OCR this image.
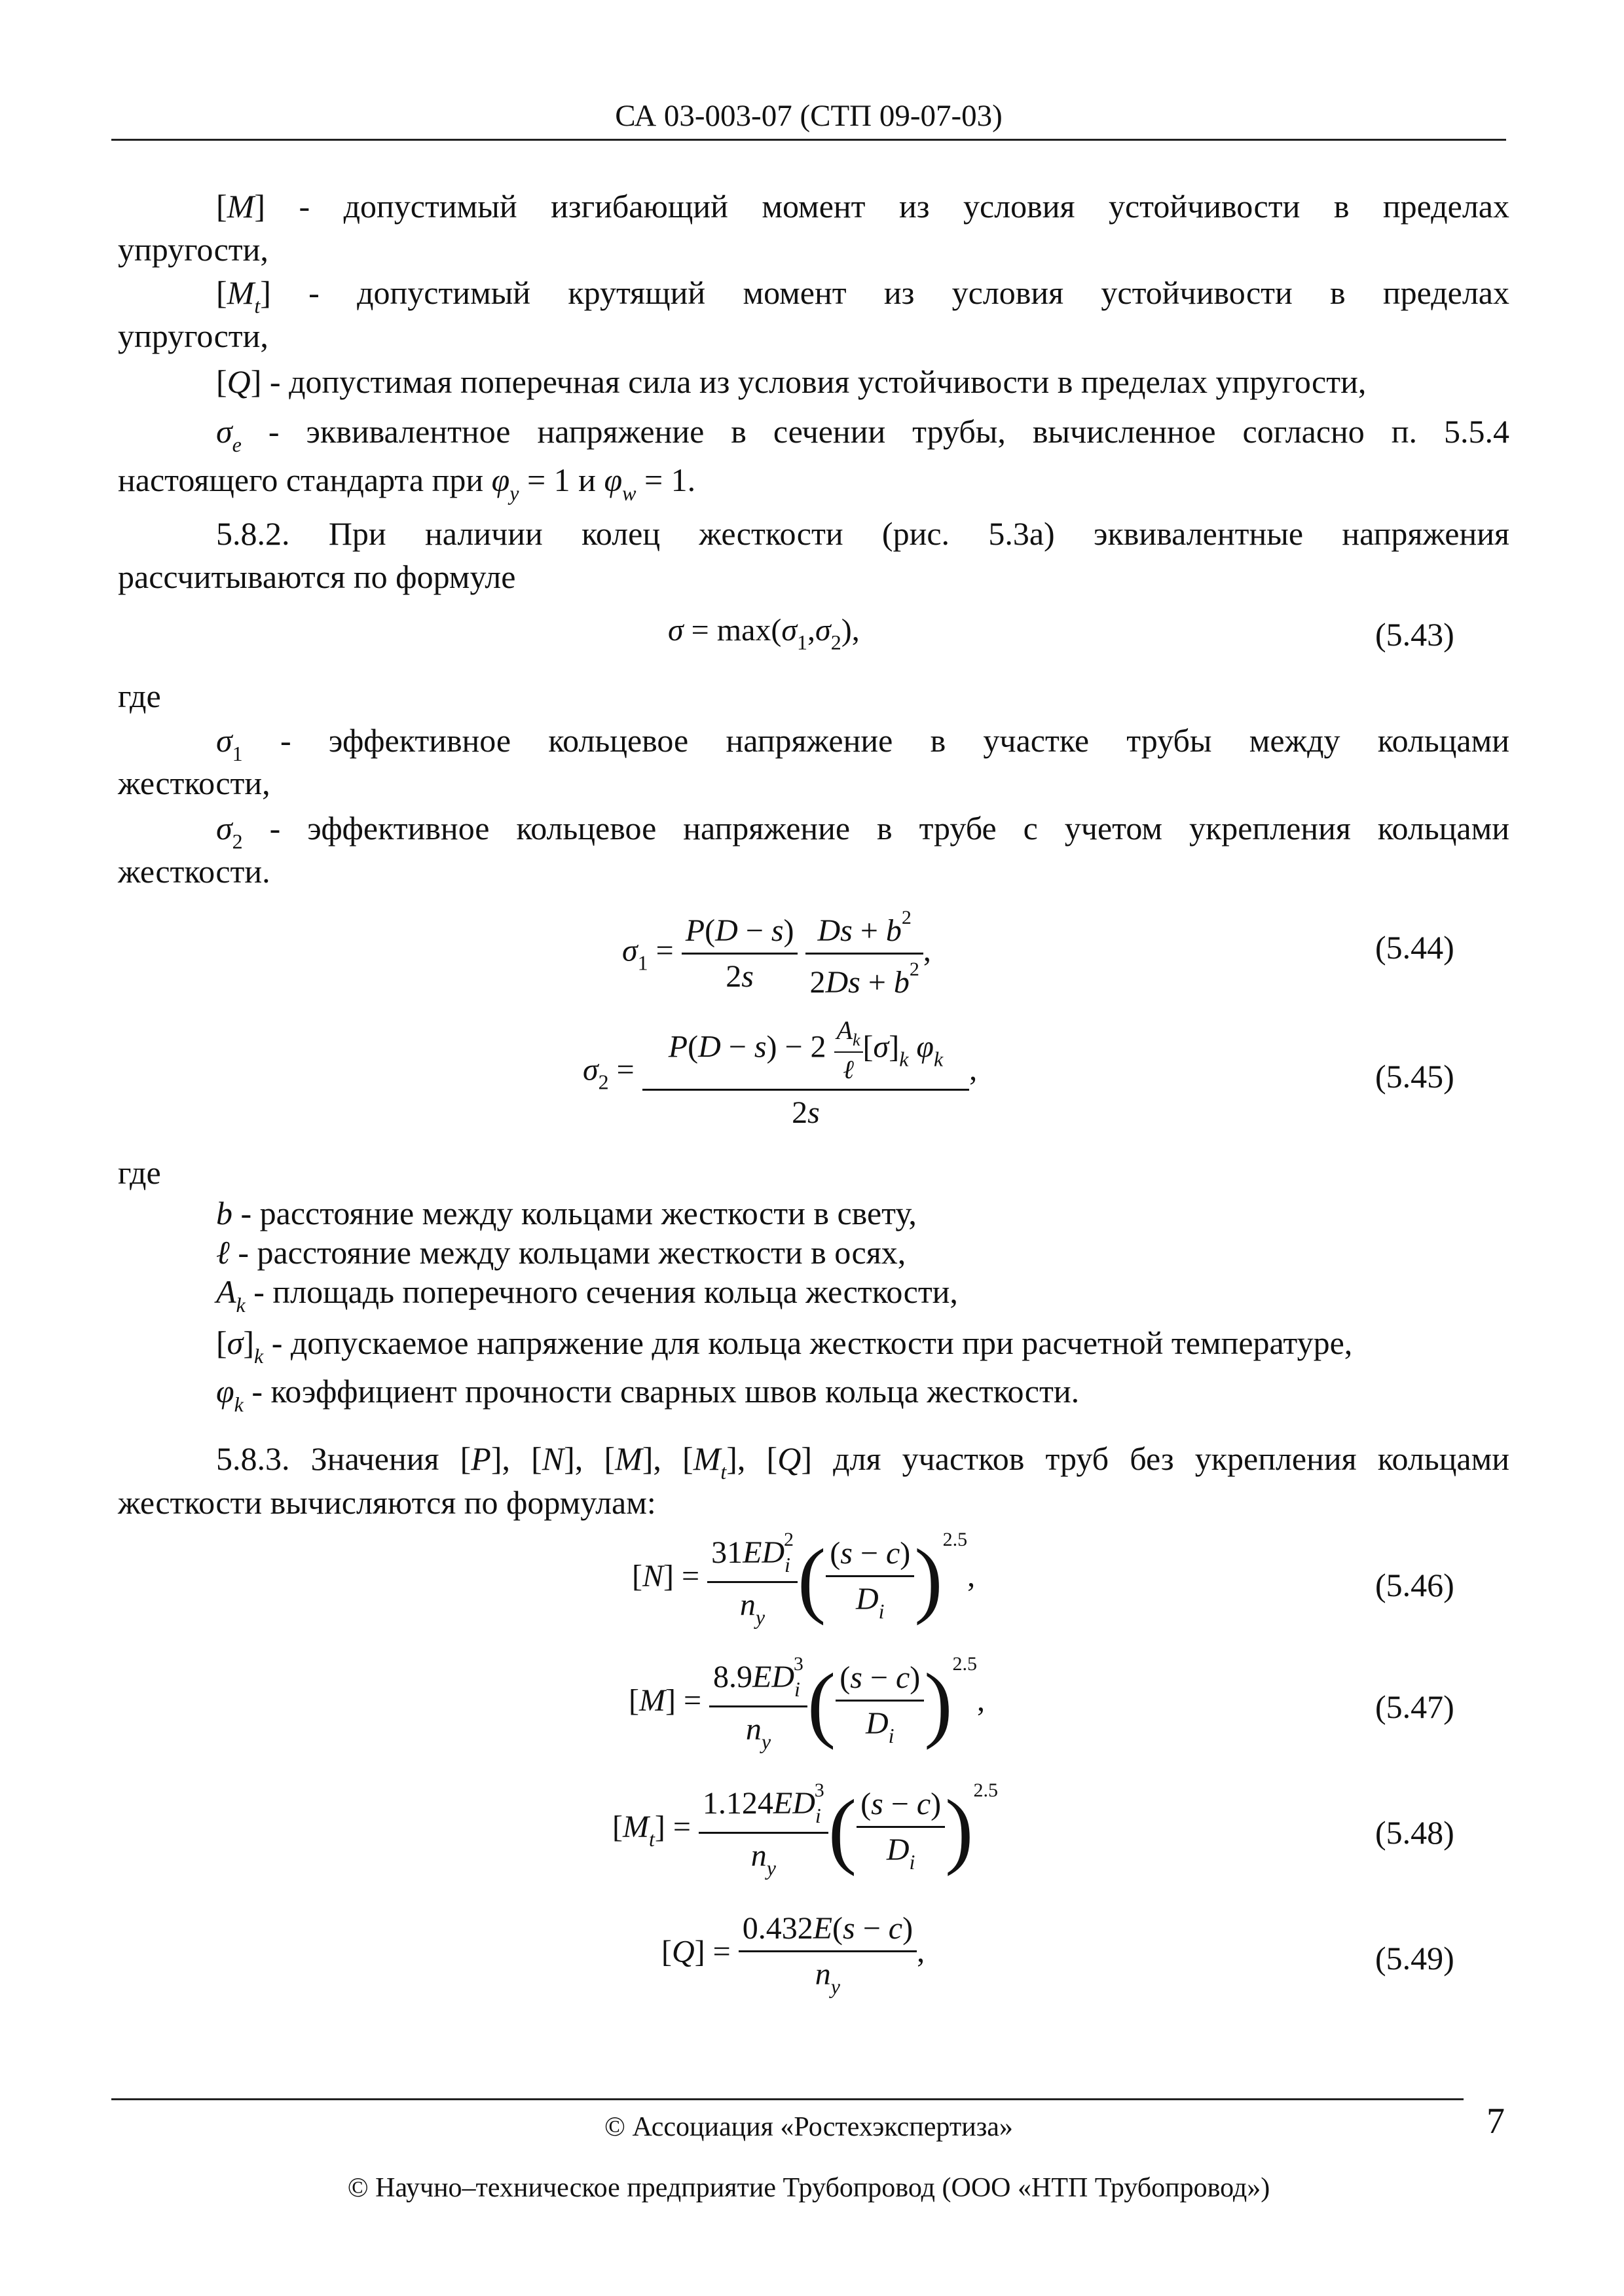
СА 03-003-07 (СТП 09-07-03)
[M] - допустимый изгибающий момент из условия устойчивости в пределах
упругости,
$[M_t]$ - допустимый крутящий момент из условия устойчивости в пределах
упругости,
[Q] - допустимая поперечная сила из условия устойчивости в пределах упругости,
$\sigma_e$ - эквивалентное напряжение в сечении трубы, вычисленное согласно п. 5.5.4
настоящего стандарта при $\varphi_y = 1$ и $\varphi_w = 1$.
5.8.2. При наличии колец жесткости (рис. 5.3а) эквивалентные напряжения
рассчитываются по формуле
$\sigma = \max(\sigma_1,\sigma_2)$,	(5.43)
где
$\sigma_1$ - эффективное кольцевое напряжение в участке трубы между кольцами
жесткости,
$\sigma_2$ - эффективное кольцевое напряжение в трубе с учетом укрепления кольцами
жесткости.
$\sigma_1 = \frac{P(D - s)}{2s}$
$\frac{Ds + b^2}{2Ds + b^2}$ ,	(5.44)
$\sigma_2 = \frac{P(D - s) - 2 \frac{A_k}{\text{ℓ}} [\sigma]_k \varphi_k}{2s}$ ,	(5.45)
где
b - расстояние между кольцами жесткости в свету,
ℓ - расстояние между кольцами жесткости в осях,
$A_k$ - площадь поперечного сечения кольца жесткости,
$[\sigma]_k$ - допускаемое напряжение для кольца жесткости при расчетной температуре,
$\varphi_k$ - коэффициент прочности сварных швов кольца жесткости.
5.8.3. Значения [P], [N], [M], $[M_t]$, [Q] для участков труб без укрепления кольцами
жесткости вычисляются по формулам:
$[N] = \frac{31ED_i^2}{n_y}$ ( $\frac{(s - c)}{D_i} )^{2.5}$,	(5.46)
$[M] = \frac{8.9ED_i^3}{n_y}$ ( $\frac{(s - c)}{D_i} )^{2.5}$,	(5.47)
$[M_t] = \frac{1.124ED_i^3}{n_y}$ ( $\frac{(s - c)}{D_i} )^{2.5}$
(5.48)
$[Q] = \frac{0.432E(s - c)}{n_y}$ ,	(5.49)
© Ассоциация «Ростехэкспертиза»	7
© Научно–техническое предприятие Трубопровод (ООО «НТП Трубопровод»)
